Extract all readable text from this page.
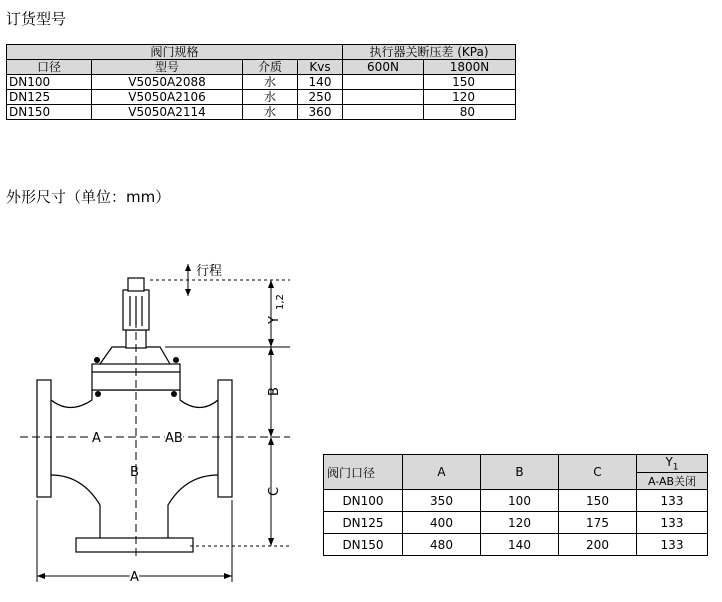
订货型号
阀门规格				执行器关断压差 (KPa)	
口径	型号	介质	Kvs	600N	1800N
DN100	V5050A2088	水	140		150
DN125	V5050A2106	水	250		120
DN150	V5050A2114	水	360		80
外形尺寸（单位：mm）
行程
Y
1,2
B
C
A	AB
B
A
阀门口径	A	B	C	$Y_1$
				A-AB关闭
DN100	350	100	150	133
DN125	400	120	175	133
DN150	480	140	200	133
